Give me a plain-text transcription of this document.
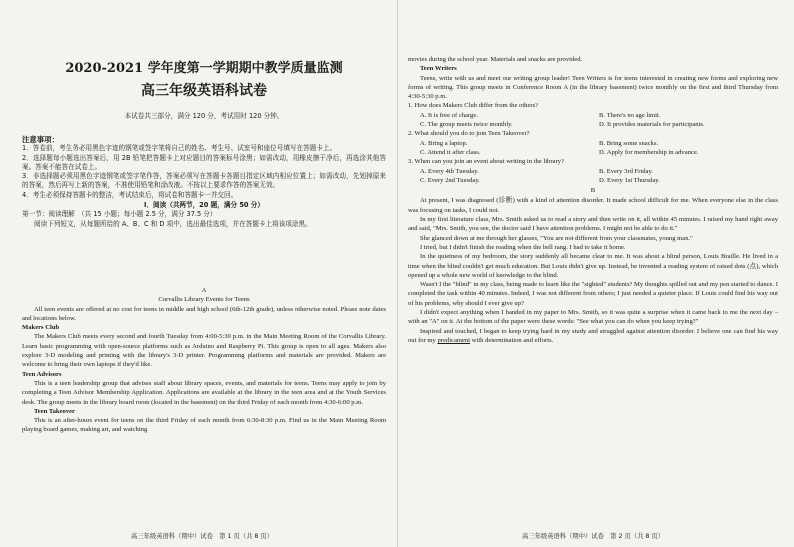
2020-2021 学年度第一学期期中教学质量监测
高三年级英语科试卷
本试卷共三部分，满分 120 分，考试用时 120 分钟。
注意事项：

1．答卷前，考生务必用黑色字迹的钢笔或签字笔将自己的姓名、考生号、试室号和座位号填写在答题卡上。

2．选择题每小题选出答案后，用 2B 铅笔把答题卡上对应题目的答案标号涂黑；如需改动，用橡皮擦干净后，再选涂其他答案。答案不能答在试卷上。

3．非选择题必须用黑色字迹钢笔或签字笔作答，答案必须写在答题卡各题目指定区域内相应位置上；如需改动，先划掉原来的答案，然后再写上新的答案，不准使用铅笔和涂改液。不按以上要求作答的答案无效。

4．考生必须保持答题卡的整洁，考试结束后，将试卷和答题卡一并交回。

I．阅读（共两节，20 题，满分 50 分）

第一节：阅读理解　（共 15 小题；每小题 2.5 分，满分 37.5 分）

阅读下列短文，从每题所给的 A、B、C 和 D 项中，选出最佳选项，并在答题卡上将该项涂黑。

A
Corvallis Library Events for Teens

All teen events are offered at no cost for teens in middle and high school (6th-12th grade), unless otherwise noted. Please note dates and locations below.

Makers Club

The Makers Club meets every second and fourth Tuesday from 4:00-5:30 p.m. in the Main Meeting Room of the Corvallis Library. Learn basic programming with open-source platforms such as Arduino and Raspberry Pi. This group is open to all ages. Makers also explore 3-D modeling and printing with the library's 3-D printer. Programming platforms and materials are provided. Makers are welcome to bring their own laptops if they'd like.

Teen Advisors

This is a teen leadership group that advises staff about library spaces, events, and materials for teens. Teens may apply to join by completing a Teen Advisor Membership Application. Applications are available at the library in the teen area and at the Youth Services desk. The group meets in the library board room (located in the basement) on the third Friday of each month from 4:30-6:00 p.m.

Teen Takeover

This is an after-hours event for teens on the third Friday of each month from 6:30-8:30 p.m. Find us in the Main Meeting Room playing board games, making art, and watching

高三年级英语科（期中）试卷　第 1 页（共 8 页）

movies during the school year. Materials and snacks are provided.

Teen Writers

Teens, write with us and meet our writing group leader! Teen Writers is for teens interested in creating new forms and exploring new forms of writing. This group meets in Conference Room A (in the library basement) twice monthly on the first and third Thursday from 4:30-5:30 p.m.

1. How does Makers Club differ from the others?
A. It is free of charge.	B. There's no age limit.
C. The group meets twice monthly.	D. It provides materials for participants.
2. What should you do to join Teen Takeover?
A. Bring a laptop.	B. Bring some snacks.
C. Attend it after class.	D. Apply for membership in advance.
3. When can you join an event about writing in the library?
A. Every 4th Tuesday.	B. Every 3rd Friday.
C. Every 2nd Tuesday.	D. Every 1st Thursday.
B

At present, I was diagnosed (诊断) with a kind of attention disorder. It made school difficult for me. When everyone else in the class was focusing on tasks, I could not.

In my first literature class, Mrs. Smith asked us to read a story and then write on it, all within 45 minutes. I raised my hand right away and said, "Mrs. Smith, you see, the doctor said I have attention problems. I might not be able to do it."

She glanced down at me through her glasses, "You are not different from your classmates, young man."

I tried, but I didn't finish the reading when the bell rang. I had to take it home.

In the quietness of my bedroom, the story suddenly all became clear to me. It was about a blind person, Louis Braille. He lived in a time when the blind couldn't get much education. But Louis didn't give up. Instead, he invented a reading system of raised dots (点), which opened up a whole new world of knowledge to the blind.

Wasn't I the "blind" in my class, being made to learn like the "sighted" students? My thoughts spilled out and my pen started to dance. I completed the task within 40 minutes. Indeed, I was not different from others; I just needed a quieter place. If Louis could find his way out of his problems, why should I ever give up?

I didn't expect anything when I handed in my paper to Mrs. Smith, so it was quite a surprise when it came back to me the next day – with an "A" on it. At the bottom of the paper were these words: "See what you can do when you keep trying?"

Inspired and touched, I began to keep trying hard in my study and struggled against attention disorder. I believe one can find his way out for my predicament with determination and efforts.

高三年级英语科（期中）试卷　第 2 页（共 8 页）
